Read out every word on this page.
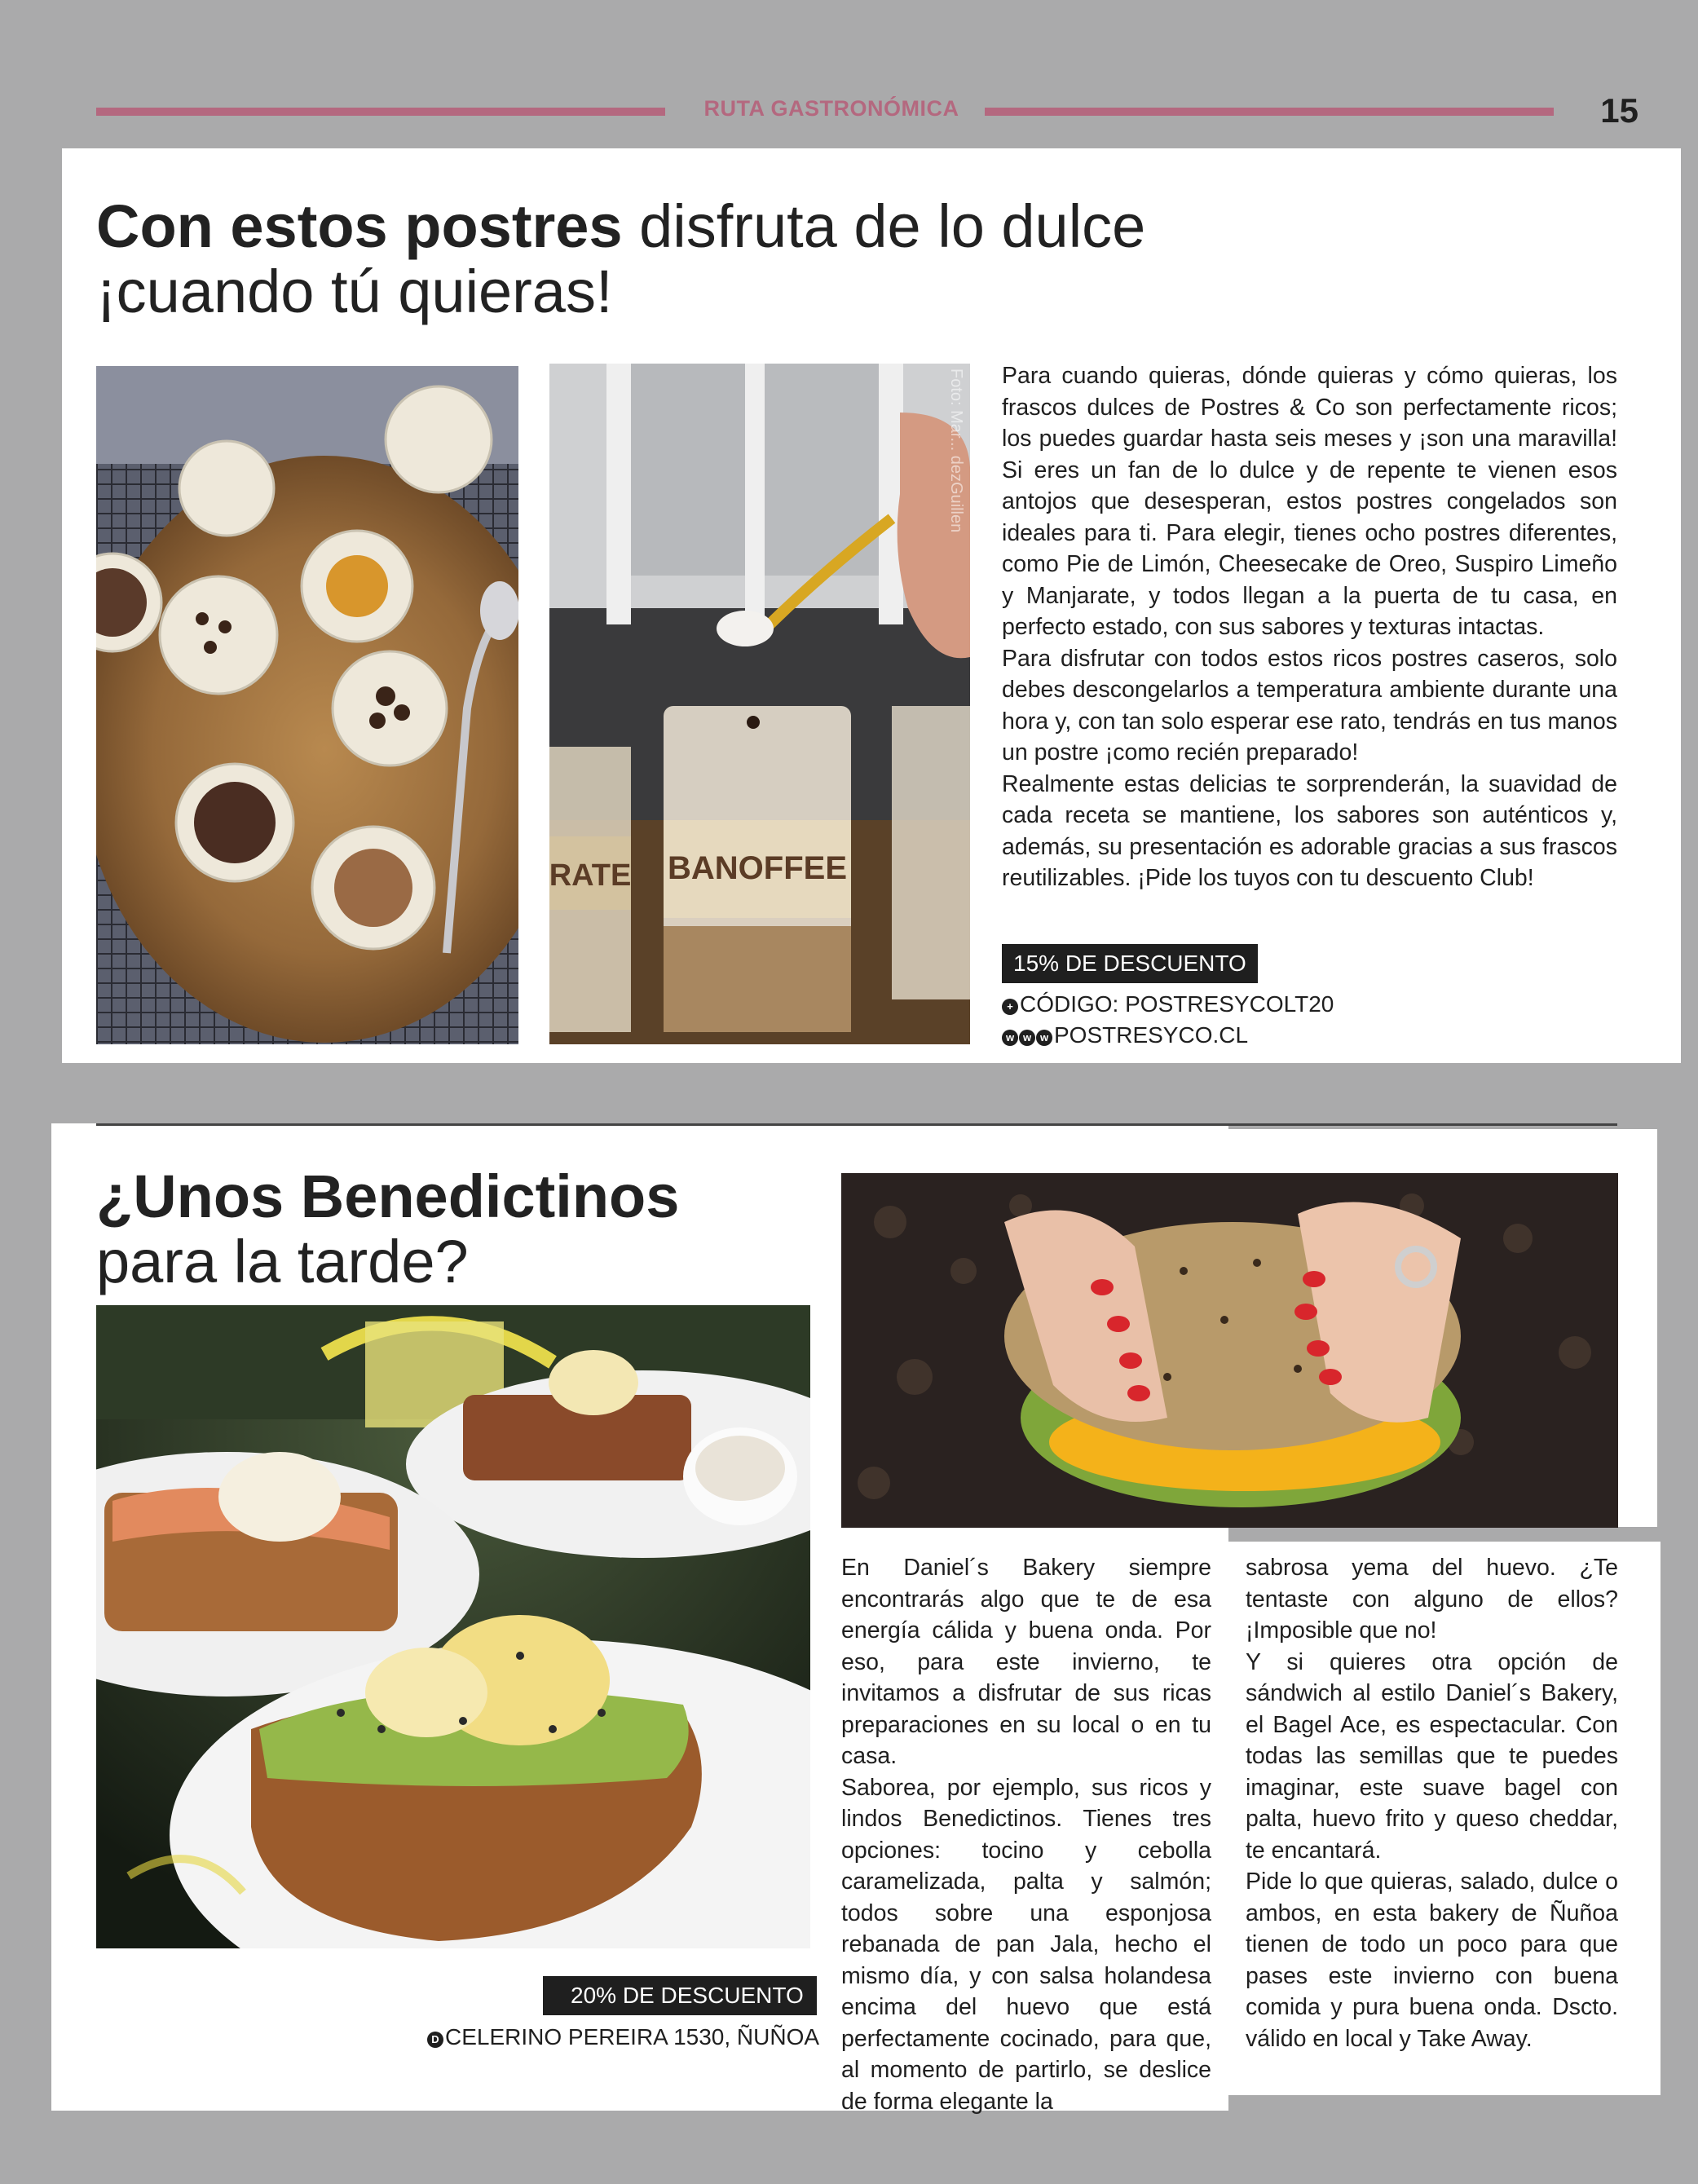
RUTA GASTRONÓMICA	15
Con estos postres disfruta de lo dulce
¡cuando tú quieras!
BANOFFEE
RATE
Foto: Mar... dezGuillen Para cuando quieras, dónde quieras y cómo quieras, los frascos dulces de Postres & Co son perfectamente ricos; los puedes guardar hasta seis meses y ¡son una maravilla! Si eres un fan de lo dulce y de repente te vienen esos antojos que desesperan, estos postres congelados son ideales para ti. Para elegir, tienes ocho postres diferentes, como Pie de Limón, Cheesecake de Oreo, Suspiro Limeño y Manjarate, y todos llegan a la puerta de tu casa, en perfecto estado, con sus sabores y texturas intactas.

Para disfrutar con todos estos ricos postres caseros, solo debes descongelarlos a temperatura ambiente durante una hora y, con tan solo esperar ese rato, tendrás en tus manos un postre ¡como recién preparado!

Realmente estas delicias te sorprenderán, la suavidad de cada receta se mantiene, los sabores son auténticos y, además, su presentación es adorable gracias a sus frascos reutilizables. ¡Pide los tuyos con tu descuento Club!

15% DE DESCUENTO
+ CÓDIGO: POSTRESYCOLT20
w w w POSTRESYCO.CL
¿Unos Benedictinos
para la tarde?

En Daniel´s Bakery siempre encontrarás algo que te de esa energía cálida y buena onda. Por eso, para este invierno, te invitamos a disfrutar de sus ricas preparaciones en su local o en tu casa.

Saborea, por ejemplo, sus ricos y lindos Benedictinos. Tienes tres opciones: tocino y cebolla caramelizada, palta y salmón; todos sobre una esponjosa rebanada de pan Jala, hecho el mismo día, y con salsa holandesa encima del huevo que está perfectamente cocinado, para que, al momento de partirlo, se deslice de forma elegante la

sabrosa yema del huevo. ¿Te tentaste con alguno de ellos? ¡Imposible que no!

Y si quieres otra opción de sándwich al estilo Daniel´s Bakery, el Bagel Ace, es espectacular. Con todas las semillas que te puedes imaginar, este suave bagel con palta, huevo frito y queso cheddar, te encantará.

Pide lo que quieras, salado, dulce o ambos, en esta bakery de Ñuñoa tienen de todo un poco para que pases este invierno con buena comida y pura buena onda. Dscto. válido en local y Take Away.

20% DE DESCUENTO
D CELERINO PEREIRA 1530, ÑUÑOA
